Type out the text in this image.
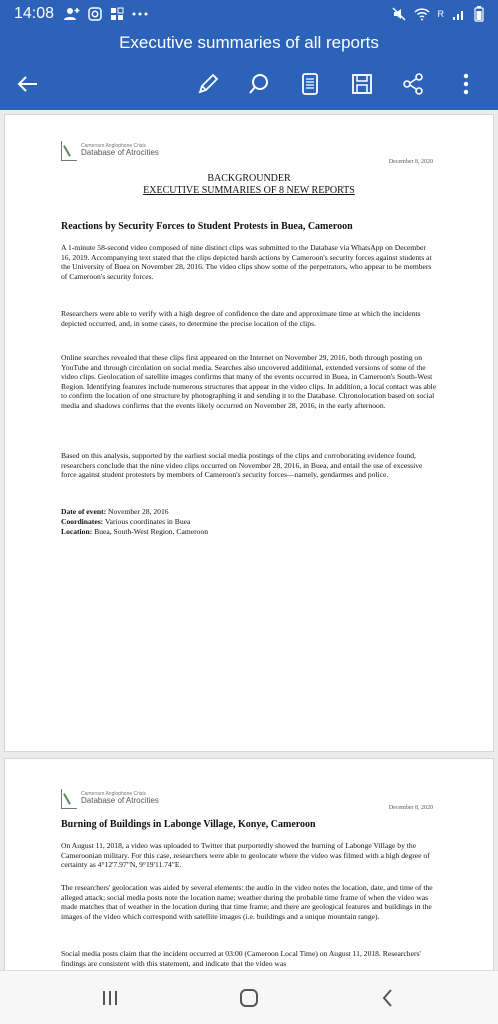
14:08	R
Executive summaries of all reports
Cameroon Anglophone Crisis
Database of Atrocities
December 8, 2020
BACKGROUNDER
EXECUTIVE SUMMARIES OF 8 NEW REPORTS
Reactions by Security Forces to Student Protests in Buea, Cameroon
A 1-minute 58-second video composed of nine distinct clips was submitted to the Database via WhatsApp on December 16, 2019. Accompanying text stated that the clips depicted harsh actions by Cameroon's security forces against students at the University of Buea on November 28, 2016. The video clips show some of the perpetrators, who appear to be members of Cameroon's security forces.
Researchers were able to verify with a high degree of confidence the date and approximate time at which the incidents depicted occurred, and, in some cases, to determine the precise location of the clips.
Online searches revealed that these clips first appeared on the Internet on November 29, 2016, both through posting on YouTube and through circulation on social media. Searches also uncovered additional, extended versions of some of the video clips. Geolocation of satellite images confirms that many of the events occurred in Buea, in Cameroon's South-West Region. Identifying features include numerous structures that appear in the video clips. In addition, a local contact was able to confirm the location of one structure by photographing it and sending it to the Database. Chronolocation based on social media and shadows confirms that the events likely occurred on November 28, 2016, in the early afternoon.
Based on this analysis, supported by the earliest social media postings of the clips and corroborating evidence found, researchers conclude that the nine video clips occurred on November 28, 2016, in Buea, and entail the use of excessive force against student protesters by members of Cameroon's security forces—namely, gendarmes and police.
Date of event: November 28, 2016
Coordinates: Various coordinates in Buea
Location: Buea, South-West Region, Cameroon
Cameroon Anglophone Crisis
Database of Atrocities
December 8, 2020
Burning of Buildings in Labonge Village, Konye, Cameroon
On August 11, 2018, a video was uploaded to Twitter that purportedly showed the burning of Labonge Village by the Cameroonian military. For this case, researchers were able to geolocate where the video was filmed with a high degree of certainty as 4°12'7.97"N, 9°19'11.74"E.
The researchers' geolocation was aided by several elements: the audio in the video notes the location, date, and time of the alleged attack; social media posts note the location name; weather during the probable time frame of when the video was made matches that of weather in the location during that time frame; and there are geological features and buildings in the images of the video which correspond with satellite images (i.e. buildings and a unique mountain range).
Social media posts claim that the incident occurred at 03:00 (Cameroon Local Time) on August 11, 2018. Researchers' findings are consistent with this statement, and indicate that the video was
